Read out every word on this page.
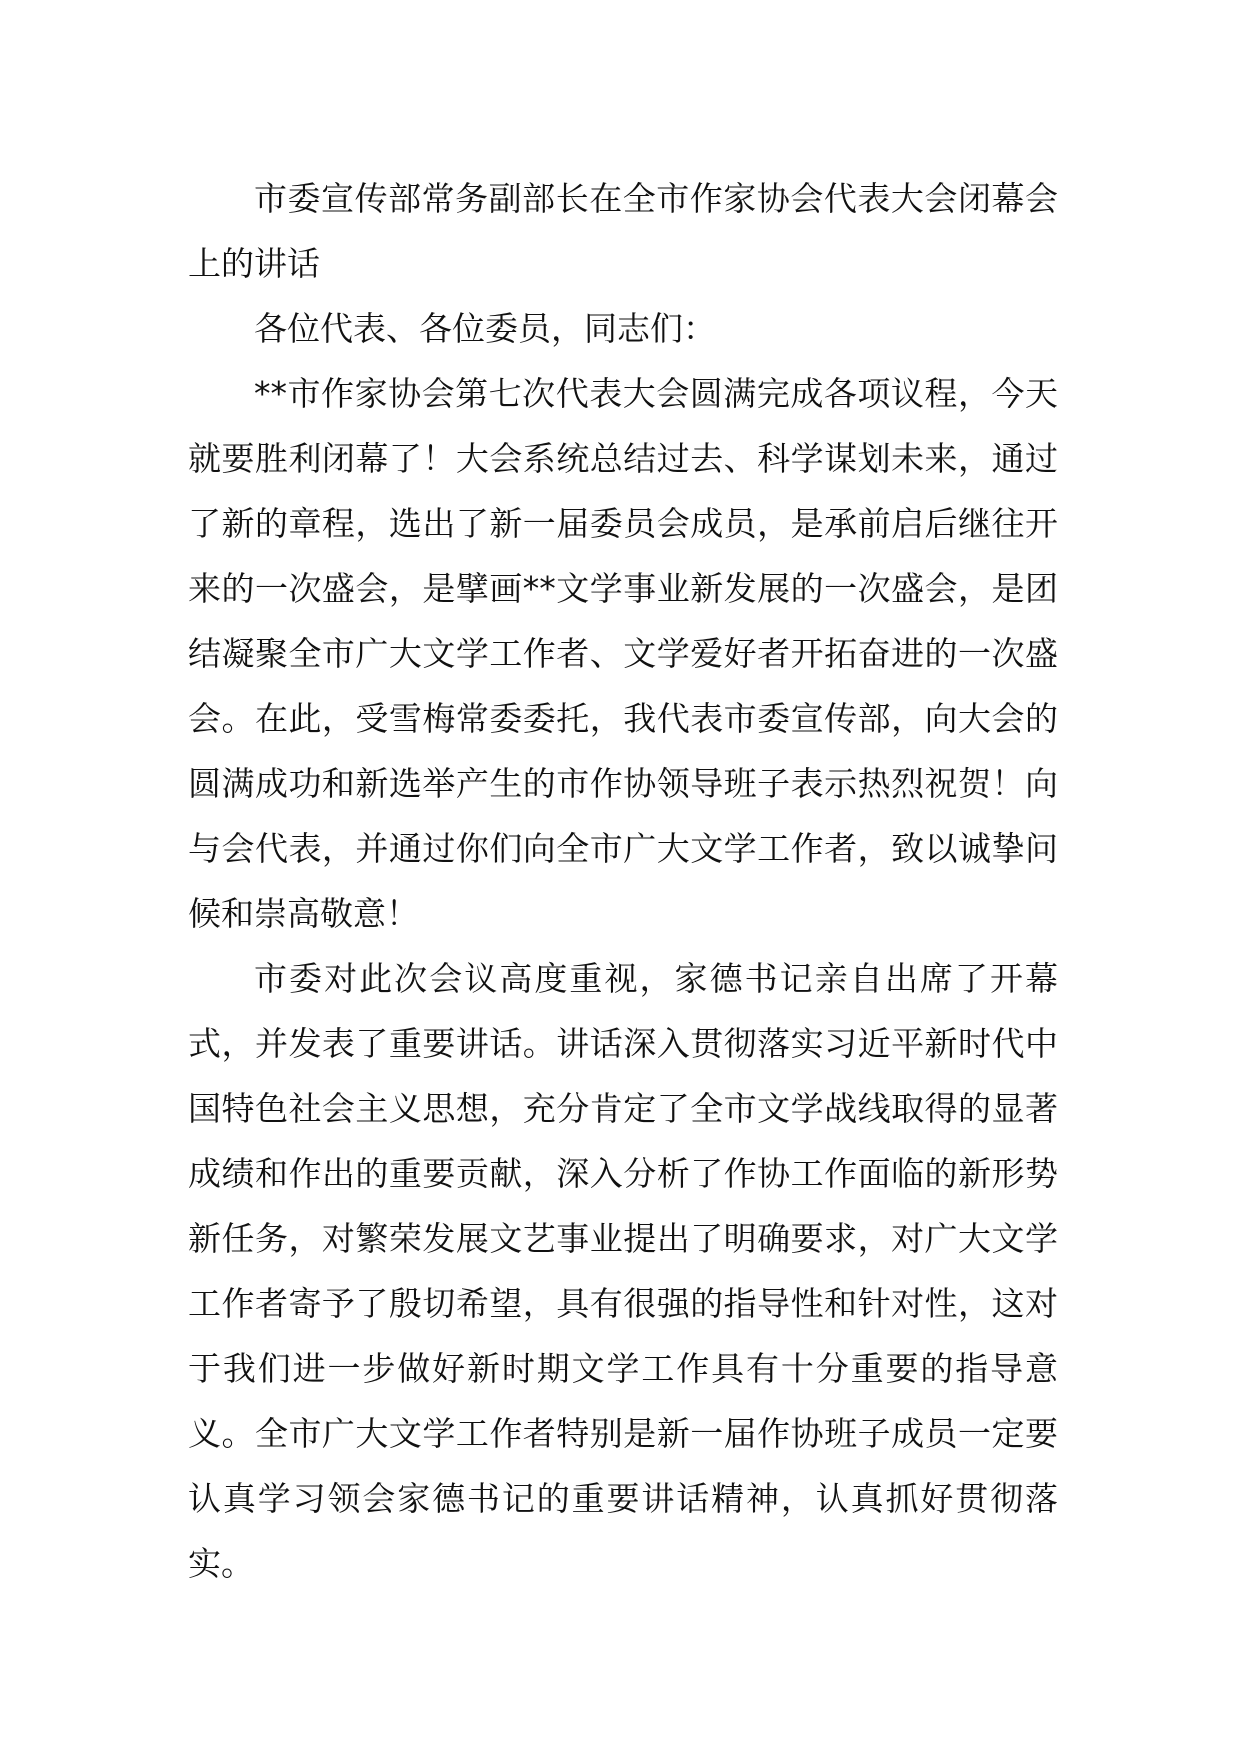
市委宣传部常务副部长在全市作家协会代表大会闭幕会上的讲话

各位代表、各位委员，同志们：

**市作家协会第七次代表大会圆满完成各项议程，今天就要胜利闭幕了！大会系统总结过去、科学谋划未来，通过了新的章程，选出了新一届委员会成员，是承前启后继往开来的一次盛会，是擘画**文学事业新发展的一次盛会，是团结凝聚全市广大文学工作者、文学爱好者开拓奋进的一次盛会。在此，受雪梅常委委托，我代表市委宣传部，向大会的圆满成功和新选举产生的市作协领导班子表示热烈祝贺！向与会代表，并通过你们向全市广大文学工作者，致以诚挚问候和崇高敬意！

市委对此次会议高度重视，家德书记亲自出席了开幕式，并发表了重要讲话。讲话深入贯彻落实习近平新时代中国特色社会主义思想，充分肯定了全市文学战线取得的显著成绩和作出的重要贡献，深入分析了作协工作面临的新形势新任务，对繁荣发展文艺事业提出了明确要求，对广大文学工作者寄予了殷切希望，具有很强的指导性和针对性，这对于我们进一步做好新时期文学工作具有十分重要的指导意义。全市广大文学工作者特别是新一届作协班子成员一定要认真学习领会家德书记的重要讲话精神，认真抓好贯彻落实。
